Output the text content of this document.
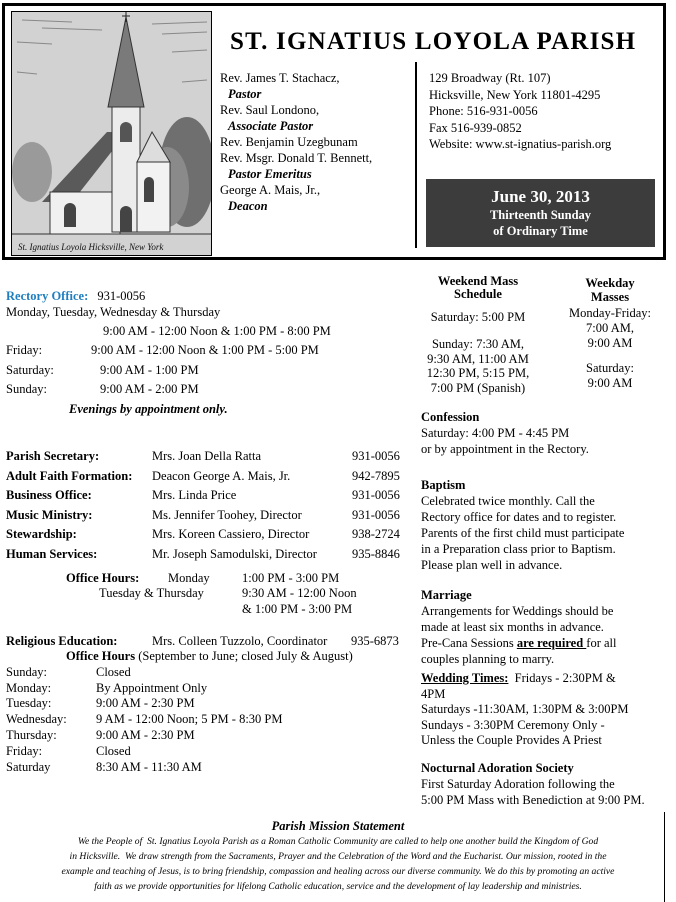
St. Ignatius Loyola Hicksville, New York
ST. IGNATIUS LOYOLA PARISH
Rev. James T. Stachacz,
Pastor
Rev. Saul Londono,
Associate Pastor
Rev. Benjamin Uzegbunam
Rev. Msgr. Donald T. Bennett,
Pastor Emeritus
George A. Mais, Jr.,
Deacon
129 Broadway (Rt. 107)
Hicksville, New York 11801-4295
Phone: 516-931-0056
Fax 516-939-0852
Website: www.st-ignatius-parish.org
June 30, 2013
Thirteenth Sunday
of Ordinary Time
Rectory Office: 931-0056
Monday, Tuesday, Wednesday & Thursday
9:00 AM - 12:00 Noon & 1:00 PM - 8:00 PM
Friday:	9:00 AM - 12:00 Noon & 1:00 PM - 5:00 PM
Saturday:	9:00 AM - 1:00 PM
Sunday:	9:00 AM - 2:00 PM
Evenings by appointment only.
Parish Secretary:	Mrs. Joan Della Ratta	931-0056
Adult Faith Formation: Deacon George A. Mais, Jr.	942-7895
Business Office:	Mrs. Linda Price	931-0056
Music Ministry:	Ms. Jennifer Toohey, Director	931-0056
Stewardship:	Mrs. Koreen Cassiero, Director	938-2724
Human Services:	Mr. Joseph Samodulski, Director	935-8846
Office Hours: Monday	1:00 PM - 3:00 PM
Tuesday & Thursday	9:30 AM - 12:00 Noon
& 1:00 PM - 3:00 PM
Religious Education:	Mrs. Colleen Tuzzolo, Coordinator 935-6873
Office Hours (September to June; closed July & August)
Sunday:	Closed
Monday:	By Appointment Only
Tuesday:	9:00 AM - 2:30 PM
Wednesday: 9 AM - 12:00 Noon; 5 PM - 8:30 PM
Thursday:	9:00 AM - 2:30 PM
Friday:	Closed
Saturday	8:30 AM - 11:30 AM
Weekend Mass
Schedule
Saturday: 5:00 PM
Sunday: 7:30 AM,
9:30 AM, 11:00 AM
12:30 PM, 5:15 PM,
7:00 PM (Spanish)
Weekday
Masses
Monday-Friday:
7:00 AM,
9:00 AM
Saturday:
9:00 AM
Confession
Saturday: 4:00 PM - 4:45 PM
or by appointment in the Rectory.
Baptism
Celebrated twice monthly. Call the
Rectory office for dates and to register.
Parents of the first child must participate
in a Preparation class prior to Baptism.
Please plan well in advance.
Marriage
Arrangements for Weddings should be
made at least six months in advance.
Pre-Cana Sessions are required for all
couples planning to marry.
Wedding Times:  Fridays - 2:30PM &
4PM
Saturdays -11:30AM, 1:30PM & 3:00PM
Sundays - 3:30PM Ceremony Only -
Unless the Couple Provides A Priest
Nocturnal Adoration Society
First Saturday Adoration following the
5:00 PM Mass with Benediction at 9:00 PM.
Parish Mission Statement
We the People of  St. Ignatius Loyola Parish as a Roman Catholic Community are called to help one another build the Kingdom of God
in Hicksville.  We draw strength from the Sacraments, Prayer and the Celebration of the Word and the Eucharist. Our mission, rooted in the
example and teaching of Jesus, is to bring friendship, compassion and healing across our diverse community. We do this by promoting an active
faith as we provide opportunities for lifelong Catholic education, service and the development of lay leadership and ministries.
